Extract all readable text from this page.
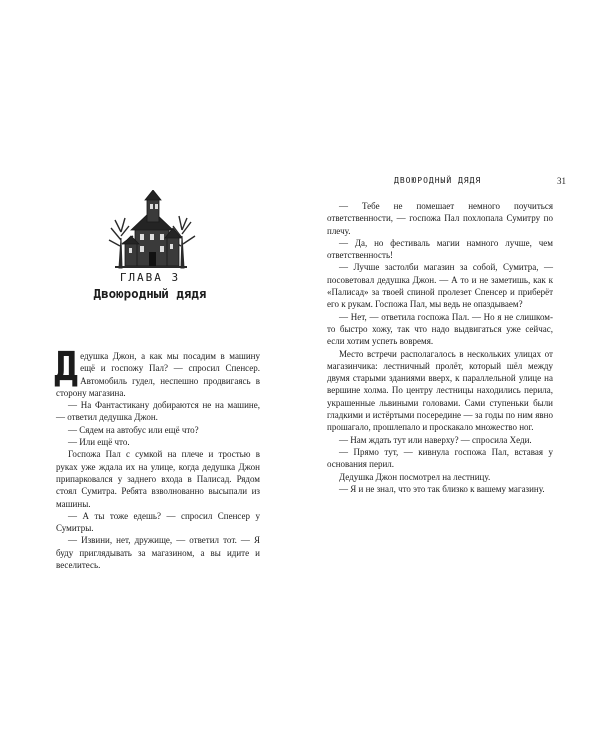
ГЛАВА 3
Двоюродный дядя

Дедушка Джон, а как мы посадим в машину ещё и госпожу Пал? — спросил Спенсер. Автомобиль гудел, неспешно продвигаясь в сторону магазина.

— На Фантастикану добираются не на машине, — ответил дедушка Джон.

— Сядем на автобус или ещё что?

— Или ещё что.

Госпожа Пал с сумкой на плече и тростью в руках уже ждала их на улице, когда дедушка Джон припарковался у заднего входа в Палисад. Рядом стоял Сумитра. Ребята взволнованно высыпали из машины.

— А ты тоже едешь? — спросил Спенсер у Сумитры.

— Извини, нет, дружище, — ответил тот. — Я буду приглядывать за магазином, а вы идите и веселитесь.

ДВОЮРОДНЫЙ ДЯДЯ	31

— Тебе не помешает немного поучиться ответственности, — госпожа Пал похлопала Сумитру по плечу.

— Да, но фестиваль магии намного лучше, чем ответственность!

— Лучше застолби магазин за собой, Сумитра, — посоветовал дедушка Джон. — А то и не заметишь, как к «Палисад» за твоей спиной пролезет Спенсер и приберёт его к рукам. Госпожа Пал, мы ведь не опаздываем?

— Нет, — ответила госпожа Пал. — Но я не слишком-то быстро хожу, так что надо выдвигаться уже сейчас, если хотим успеть вовремя.

Место встречи располагалось в нескольких улицах от магазинчика: лестничный пролёт, который шёл между двумя старыми зданиями вверх, к параллельной улице на вершине холма. По центру лестницы находились перила, украшенные львиными головами. Сами ступеньки были гладкими и истёртыми посередине — за годы по ним явно прошагало, прошлепало и проскакало множество ног.

— Нам ждать тут или наверху? — спросила Хеди.

— Прямо тут, — кивнула госпожа Пал, вставая у основания перил.

Дедушка Джон посмотрел на лестницу.

— Я и не знал, что это так близко к вашему магазину.
